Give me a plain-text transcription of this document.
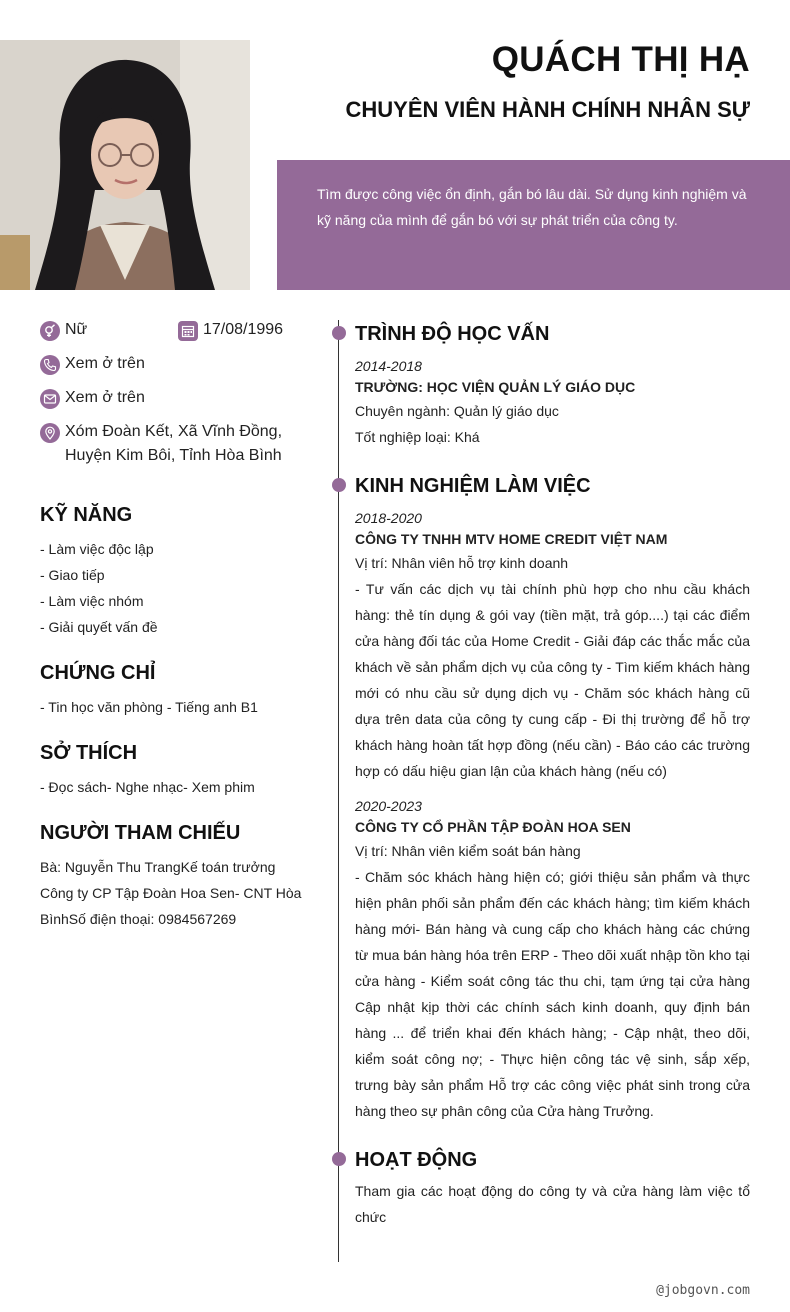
QUÁCH THỊ HẠ
CHUYÊN VIÊN HÀNH CHÍNH NHÂN SỰ
Tìm được công việc ổn định, gắn bó lâu dài. Sử dụng kinh nghiệm và kỹ năng của mình để gắn bó với sự phát triển của công ty.
Nữ	17/08/1996
Xem ở trên
Xem ở trên
Xóm Đoàn Kết, Xã Vĩnh Đồng, Huyện Kim Bôi, Tỉnh Hòa Bình
KỸ NĂNG
- Làm việc độc lập
- Giao tiếp
- Làm việc nhóm
- Giải quyết vấn đề
CHỨNG CHỈ
- Tin học văn phòng - Tiếng anh B1
SỞ THÍCH
- Đọc sách- Nghe nhạc- Xem phim
NGƯỜI THAM CHIẾU
Bà: Nguyễn Thu TrangKế toán trưởng Công ty CP Tập Đoàn Hoa Sen- CNT Hòa BìnhSố điện thoại: 0984567269
TRÌNH ĐỘ HỌC VẤN
2014-2018
TRƯỜNG: HỌC VIỆN QUẢN LÝ GIÁO DỤC
Chuyên ngành: Quản lý giáo dục
Tốt nghiệp loại: Khá
KINH NGHIỆM LÀM VIỆC
2018-2020
CÔNG TY TNHH MTV HOME CREDIT VIỆT NAM
Vị trí: Nhân viên hỗ trợ kinh doanh
- Tư vấn các dịch vụ tài chính phù hợp cho nhu cầu khách hàng: thẻ tín dụng & gói vay (tiền mặt, trả góp....) tại các điểm cửa hàng đối tác của Home Credit - Giải đáp các thắc mắc của khách về sản phẩm dịch vụ của công ty - Tìm kiếm khách hàng mới có nhu cầu sử dụng dịch vụ - Chăm sóc khách hàng cũ dựa trên data của công ty cung cấp - Đi thị trường để hỗ trợ khách hàng hoàn tất hợp đồng (nếu cần) - Báo cáo các trường hợp có dấu hiệu gian lận của khách hàng (nếu có)
2020-2023
CÔNG TY CỔ PHẦN TẬP ĐOÀN HOA SEN
Vị trí: Nhân viên kiểm soát bán hàng
- Chăm sóc khách hàng hiện có; giới thiệu sản phẩm và thực hiện phân phối sản phẩm đến các khách hàng; tìm kiếm khách hàng mới- Bán hàng và cung cấp cho khách hàng các chứng từ mua bán hàng hóa trên ERP - Theo dõi xuất nhập tồn kho tại cửa hàng - Kiểm soát công tác thu chi, tạm ứng tại cửa hàng Cập nhật kịp thời các chính sách kinh doanh, quy định bán hàng ... để triển khai đến khách hàng; - Cập nhật, theo dõi, kiểm soát công nợ; - Thực hiện công tác vệ sinh, sắp xếp, trưng bày sản phẩm Hỗ trợ các công việc phát sinh trong cửa hàng theo sự phân công của Cửa hàng Trưởng.
HOẠT ĐỘNG
Tham gia các hoạt động do công ty và cửa hàng làm việc tổ chức
@jobgovn.com
